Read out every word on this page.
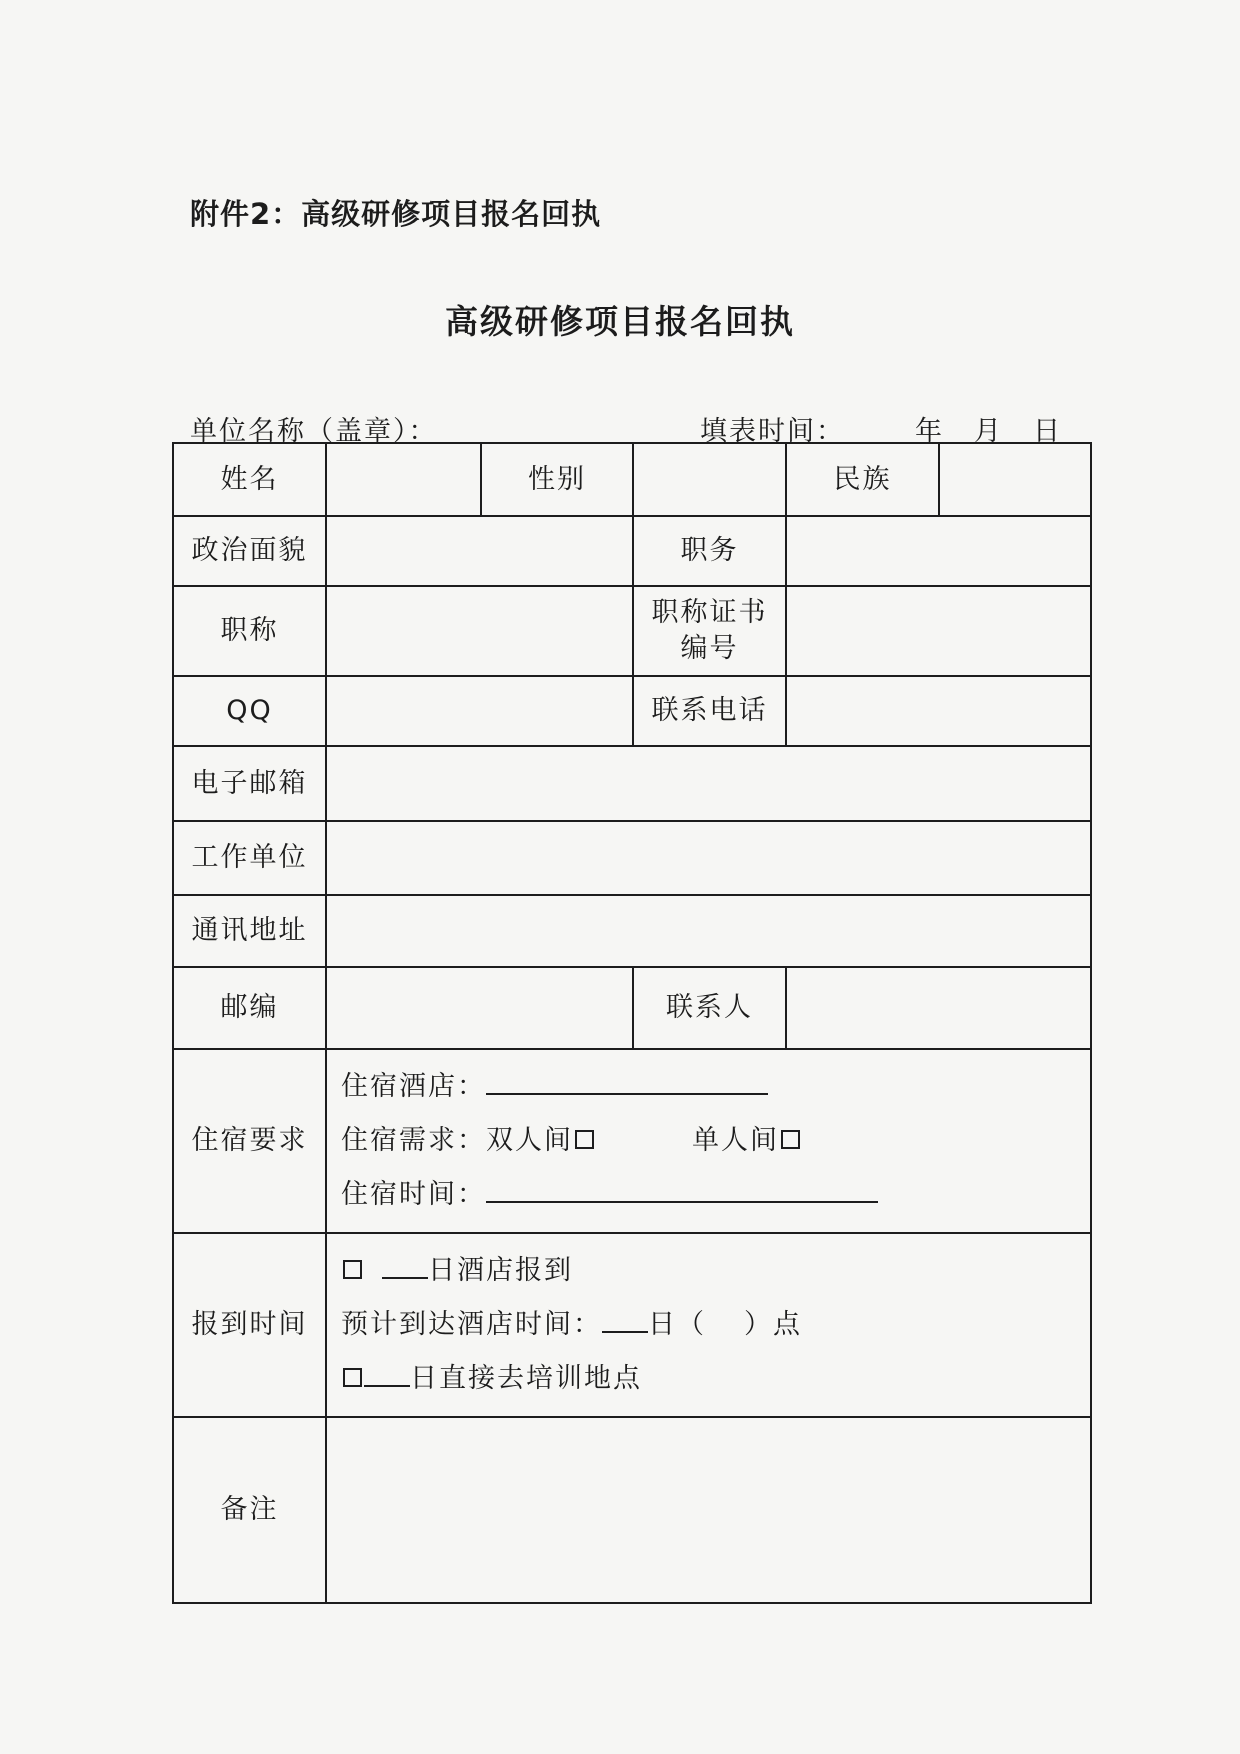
附件2：高级研修项目报名回执
高级研修项目报名回执
单位名称（盖章）：	填表时间：	年 月 日
姓名		性别		民族	
政治面貌			职务		
职称			职称证书
编号		
QQ			联系电话		
电子邮箱					
工作单位					
通讯地址					
邮编			联系人		
住宿要求	住宿酒店：
住宿需求：双人间 单人间
住宿时间：				

报到时间	日酒店报到
预计到达酒店时间： 日（ ）点
日直接去培训地点				

备注					
